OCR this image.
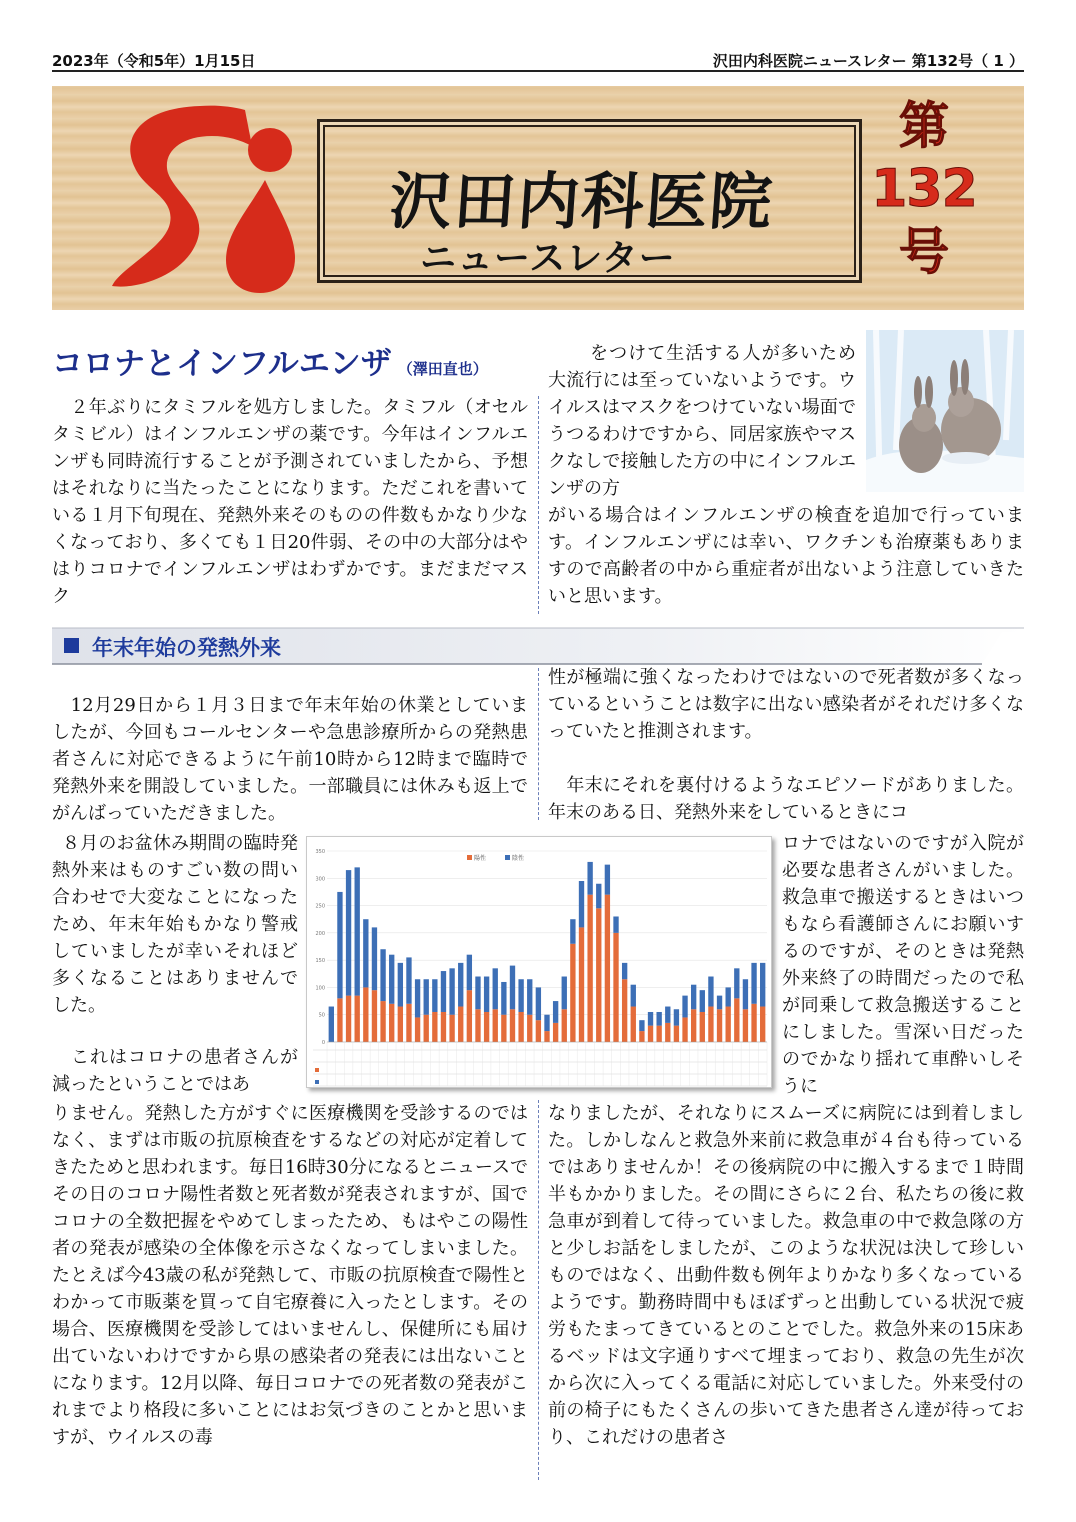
2023年（令和5年）1月15日	沢田内科医院ニュースレター 第132号（ 1 ）
沢田内科医院
ニュースレター
第
132
号
コロナとインフルエンザ （澤田直也）
　２年ぶりにタミフルを処方しました。タミフル（オセルタミビル）はインフルエンザの薬です。今年はインフルエンザも同時流行することが予測されていましたから、予想はそれなりに当たったことになります。ただこれを書いている１月下旬現在、発熱外来そのものの件数もかなり少なくなっており、多くても１日20件弱、その中の大部分はやはりコロナでインフルエンザはわずかです。まだまだマスク
をつけて生活する人が多いため大流行には至っていないようです。ウイルスはマスクをつけていない場面でうつるわけですから、同居家族やマスクなしで接触した方の中にインフルエンザの方
がいる場合はインフルエンザの検査を追加で行っています。インフルエンザには幸い、ワクチンも治療薬もありますので高齢者の中から重症者が出ないよう注意していきたいと思います。
年末年始の発熱外来
　12月29日から１月３日まで年末年始の休業としていましたが、今回もコールセンターや急患診療所からの発熱患者さんに対応できるように午前10時から12時まで臨時で発熱外来を開設していました。一部職員には休みも返上でがんばっていただきました。
８月のお盆休み期間の臨時発熱外来はものすごい数の問い合わせで大変なことになったため、年末年始もかなり警戒していましたが幸いそれほど多くなることはありませんでした。
　これはコロナの患者さんが減ったということではあ
りません。発熱した方がすぐに医療機関を受診するのではなく、まずは市販の抗原検査をするなどの対応が定着してきたためと思われます。毎日16時30分になるとニュースでその日のコロナ陽性者数と死者数が発表されますが、国でコロナの全数把握をやめてしまったため、もはやこの陽性者の発表が感染の全体像を示さなくなってしまいました。たとえば今43歳の私が発熱して、市販の抗原検査で陽性とわかって市販薬を買って自宅療養に入ったとします。その場合、医療機関を受診してはいませんし、保健所にも届け出ていないわけですから県の感染者の発表には出ないことになります。12月以降、毎日コロナでの死者数の発表がこれまでより格段に多いことにはお気づきのことかと思いますが、ウイルスの毒
性が極端に強くなったわけではないので死者数が多くなっているということは数字に出ない感染者がそれだけ多くなっていたと推測されます。
　年末にそれを裏付けるようなエピソードがありました。年末のある日、発熱外来をしているときにコ
ロナではないのですが入院が必要な患者さんがいました。救急車で搬送するときはいつもなら看護師さんにお願いするのですが、そのときは発熱外来終了の時間だったので私が同乗して救急搬送することにしました。雪深い日だったのでかなり揺れて車酔いしそうに
なりましたが、それなりにスムーズに病院には到着しました。しかしなんと救急外来前に救急車が４台も待っているではありませんか！その後病院の中に搬入するまで１時間半もかかりました。その間にさらに２台、私たちの後に救急車が到着して待っていました。救急車の中で救急隊の方と少しお話をしましたが、このような状況は決して珍しいものではなく、出動件数も例年よりかなり多くなっているようです。勤務時間中もほぼずっと出動している状況で疲労もたまってきているとのことでした。救急外来の15床あるベッドは文字通りすべて埋まっており、救急の先生が次から次に入ってくる電話に対応していました。外来受付の前の椅子にもたくさんの歩いてきた患者さん達が待っており、これだけの患者さ
0
50
100
150
200
250
300
350
陽性	陰性
